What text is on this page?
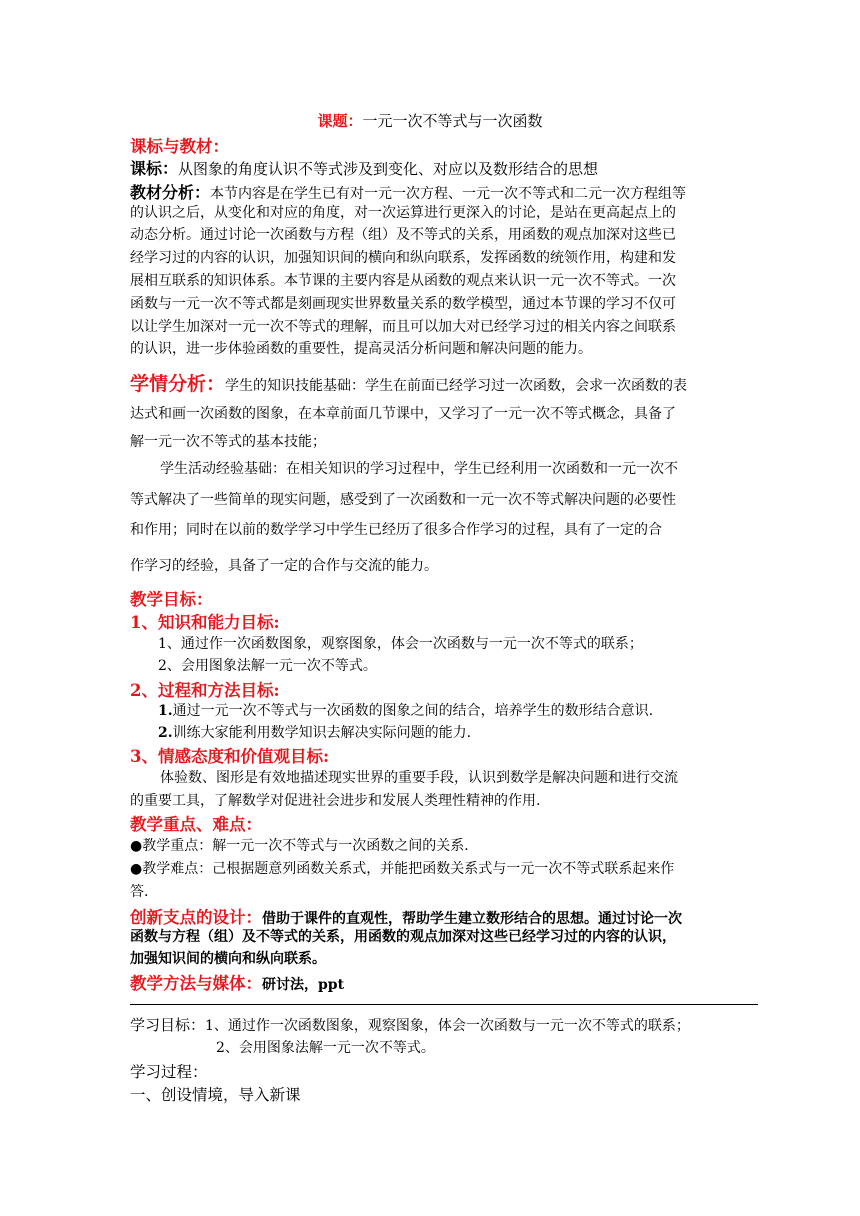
课题：一元一次不等式与一次函数
课标与教材：
课标：从图象的角度认识不等式涉及到变化、对应以及数形结合的思想
教材分析：本节内容是在学生已有对一元一次方程、一元一次不等式和二元一次方程组等
的认识之后，从变化和对应的角度，对一次运算进行更深入的讨论，是站在更高起点上的
动态分析。通过讨论一次函数与方程（组）及不等式的关系，用函数的观点加深对这些已
经学习过的内容的认识，加强知识间的横向和纵向联系，发挥函数的统领作用，构建和发
展相互联系的知识体系。本节课的主要内容是从函数的观点来认识一元一次不等式。一次
函数与一元一次不等式都是刻画现实世界数量关系的数学模型，通过本节课的学习不仅可
以让学生加深对一元一次不等式的理解，而且可以加大对已经学习过的相关内容之间联系
的认识，进一步体验函数的重要性，提高灵活分析问题和解决问题的能力。
学情分析：学生的知识技能基础：学生在前面已经学习过一次函数，会求一次函数的表
达式和画一次函数的图象，在本章前面几节课中，又学习了一元一次不等式概念，具备了
解一元一次不等式的基本技能；
学生活动经验基础：在相关知识的学习过程中，学生已经利用一次函数和一元一次不
等式解决了一些简单的现实问题，感受到了一次函数和一元一次不等式解决问题的必要性
和作用；同时在以前的数学学习中学生已经历了很多合作学习的过程，具有了一定的合
作学习的经验，具备了一定的合作与交流的能力。
教学目标：
1、知识和能力目标:
1、通过作一次函数图象，观察图象，体会一次函数与一元一次不等式的联系；
2、会用图象法解一元一次不等式。
2、过程和方法目标:
1.通过一元一次不等式与一次函数的图象之间的结合，培养学生的数形结合意识.
2.训练大家能利用数学知识去解决实际问题的能力.
3、情感态度和价值观目标:
体验数、图形是有效地描述现实世界的重要手段，认识到数学是解决问题和进行交流
的重要工具，了解数学对促进社会进步和发展人类理性精神的作用.
教学重点、难点：
●教学重点：解一元一次不等式与一次函数之间的关系.
●教学难点：己根据题意列函数关系式，并能把函数关系式与一元一次不等式联系起来作
答.
创新支点的设计：借助于课件的直观性，帮助学生建立数形结合的思想。通过讨论一次
函数与方程（组）及不等式的关系，用函数的观点加深对这些已经学习过的内容的认识，
加强知识间的横向和纵向联系。
教学方法与媒体：研讨法，ppt
学习目标：1、通过作一次函数图象，观察图象，体会一次函数与一元一次不等式的联系；
2、会用图象法解一元一次不等式。
学习过程：
一、创设情境，导入新课
